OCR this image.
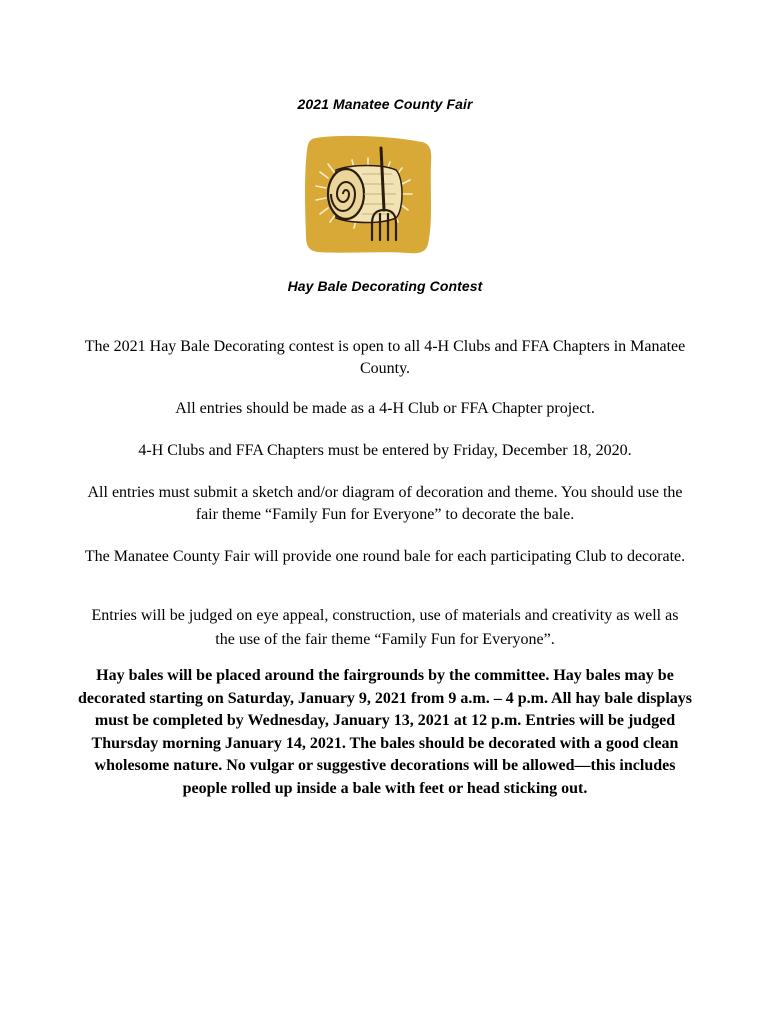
2021 Manatee County Fair
Hay Bale Decorating Contest
The 2021 Hay Bale Decorating contest is open to all 4-H Clubs and FFA Chapters in Manatee County.
All entries should be made as a 4-H Club or FFA Chapter project.
4-H Clubs and FFA Chapters must be entered by Friday, December 18, 2020.
All entries must submit a sketch and/or diagram of decoration and theme. You should use the fair theme “Family Fun for Everyone” to decorate the bale.
The Manatee County Fair will provide one round bale for each participating Club to decorate.
Entries will be judged on eye appeal, construction, use of materials and creativity as well as the use of the fair theme “Family Fun for Everyone”.
Hay bales will be placed around the fairgrounds by the committee. Hay bales may be decorated starting on Saturday, January 9, 2021 from 9 a.m. – 4 p.m. All hay bale displays must be completed by Wednesday, January 13, 2021 at 12 p.m. Entries will be judged Thursday morning January 14, 2021. The bales should be decorated with a good clean wholesome nature. No vulgar or suggestive decorations will be allowed—this includes people rolled up inside a bale with feet or head sticking out.
